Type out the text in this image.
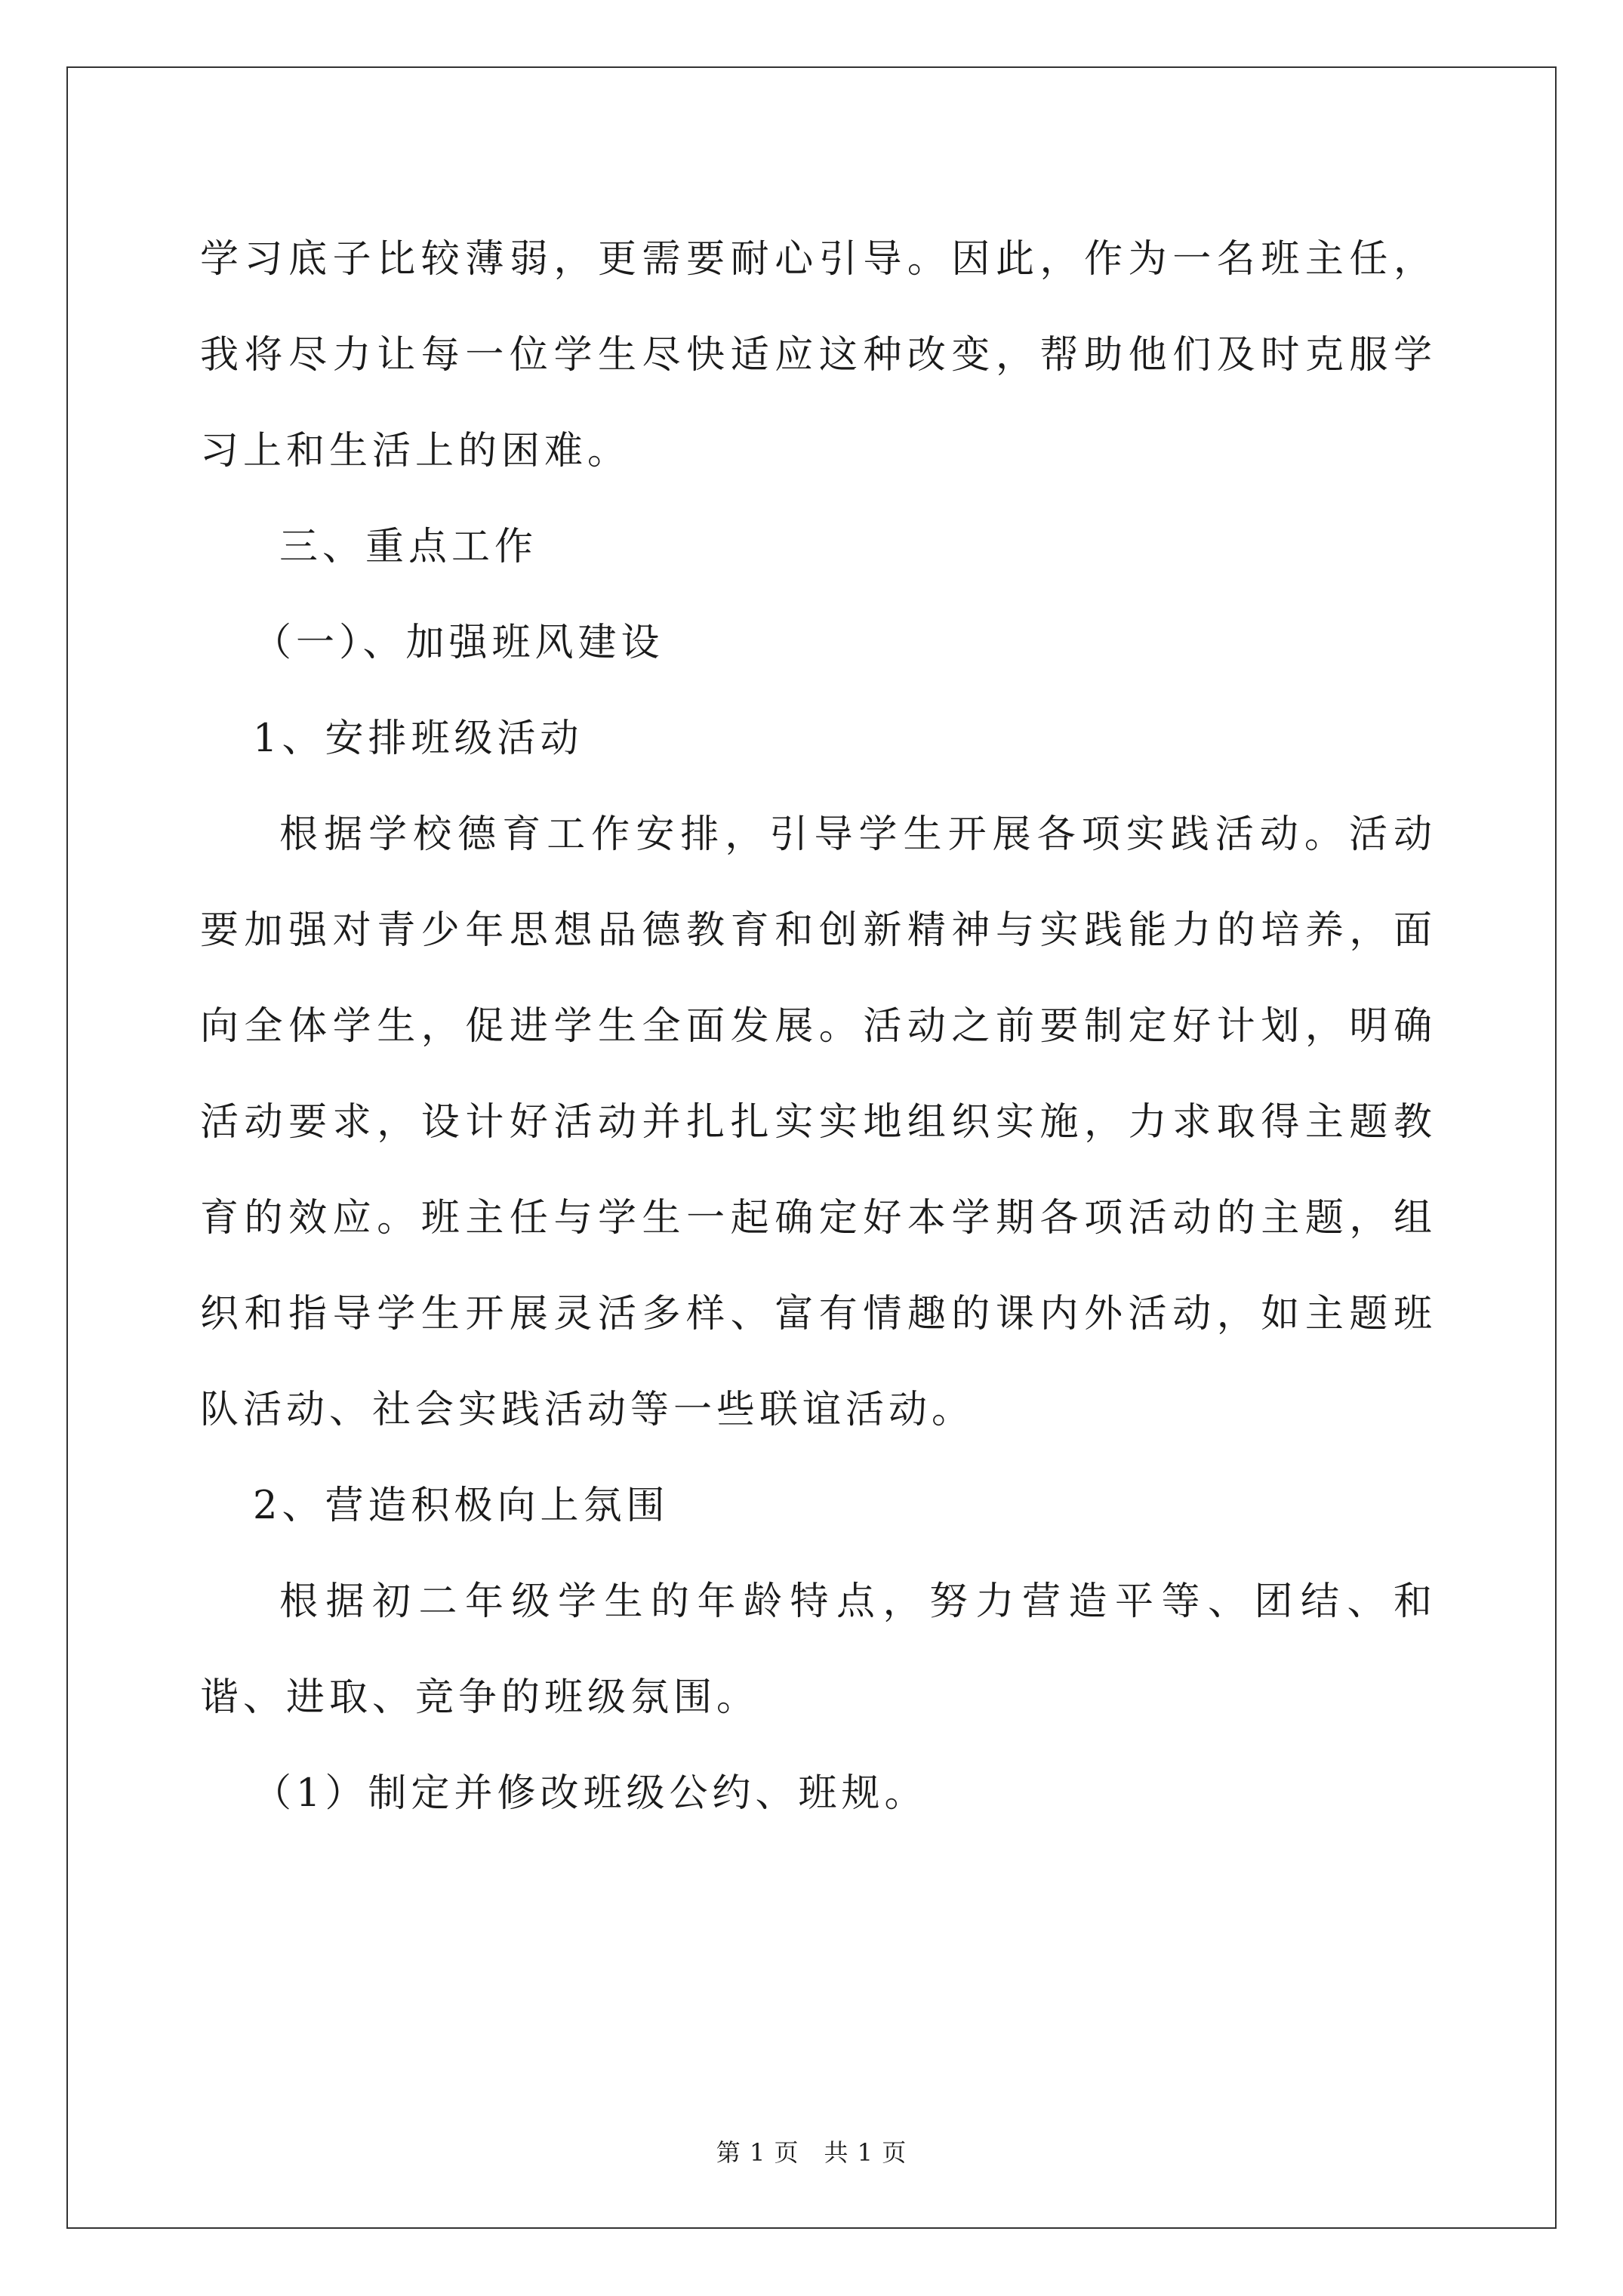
学习底子比较薄弱，更需要耐心引导。因此，作为一名班主任，我将尽力让每一位学生尽快适应这种改变，帮助他们及时克服学习上和生活上的困难。

三、重点工作

（一）、加强班风建设

1、安排班级活动

根据学校德育工作安排，引导学生开展各项实践活动。活动要加强对青少年思想品德教育和创新精神与实践能力的培养，面向全体学生，促进学生全面发展。活动之前要制定好计划，明确活动要求，设计好活动并扎扎实实地组织实施，力求取得主题教育的效应。班主任与学生一起确定好本学期各项活动的主题，组织和指导学生开展灵活多样、富有情趣的课内外活动，如主题班队活动、社会实践活动等一些联谊活动。

2、营造积极向上氛围

根据初二年级学生的年龄特点，努力营造平等、团结、和谐、进取、竞争的班级氛围。

（1）制定并修改班级公约、班规。

第 1 页　共 1 页
